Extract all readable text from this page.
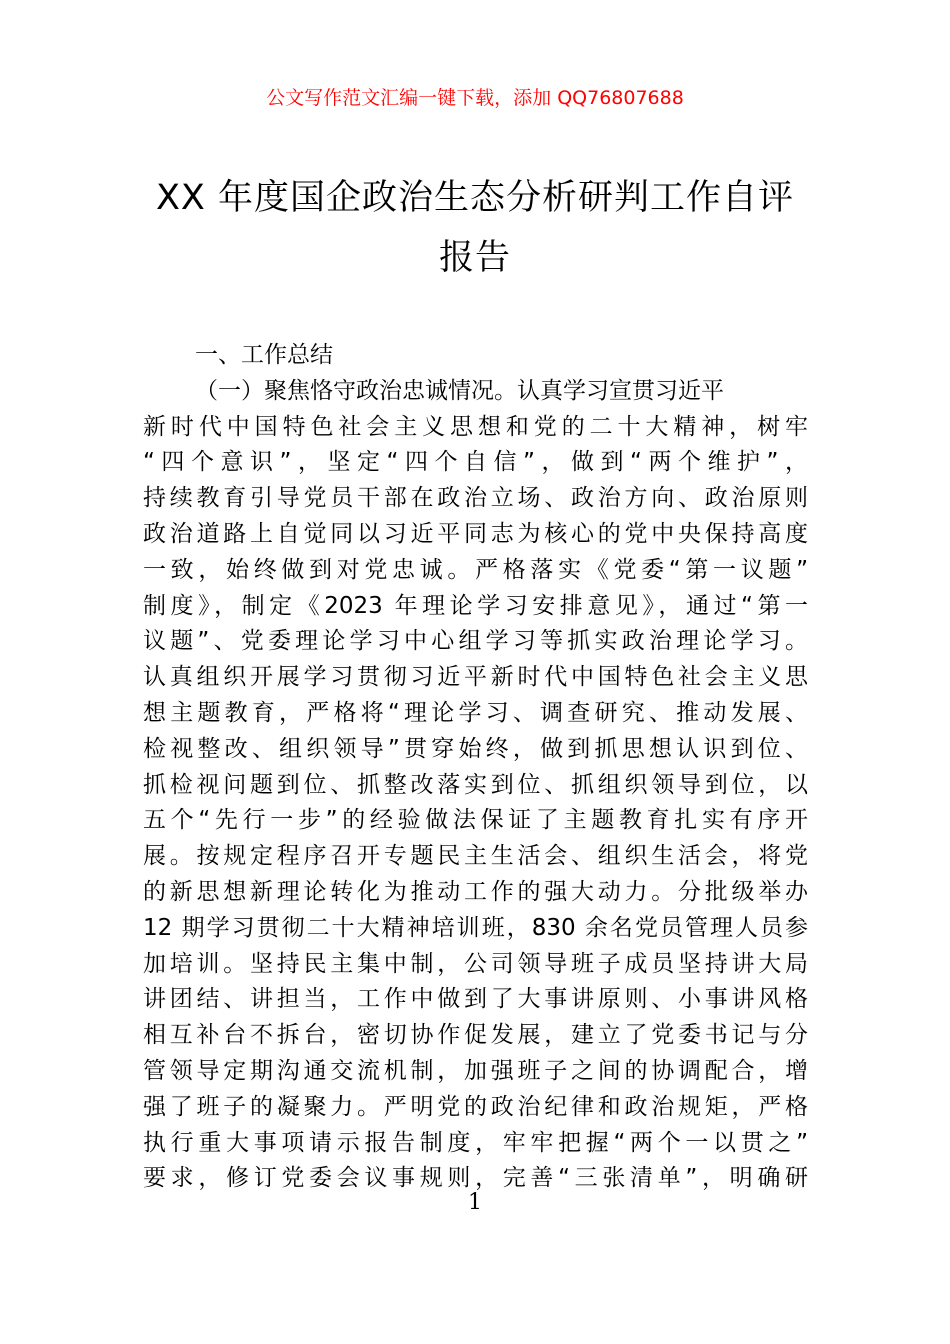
公文写作范文汇编一键下载，添加 QQ76807688
XX 年度国企政治生态分析研判工作自评报告
一、工作总结
（一）聚焦恪守政治忠诚情况。认真学习宣贯习近平
新时代中国特色社会主义思想和党的二十大精神，树牢
“四个意识”，坚定“四个自信”，做到“两个维护”，
持续教育引导党员干部在政治立场、政治方向、政治原则
政治道路上自觉同以习近平同志为核心的党中央保持高度
一致，始终做到对党忠诚。严格落实《党委“第一议题”
制度》，制定《2023 年理论学习安排意见》，通过“第一
议题”、党委理论学习中心组学习等抓实政治理论学习。
认真组织开展学习贯彻习近平新时代中国特色社会主义思
想主题教育，严格将“理论学习、调查研究、推动发展、
检视整改、组织领导”贯穿始终，做到抓思想认识到位、
抓检视问题到位、抓整改落实到位、抓组织领导到位，以
五个“先行一步”的经验做法保证了主题教育扎实有序开
展。按规定程序召开专题民主生活会、组织生活会，将党
的新思想新理论转化为推动工作的强大动力。分批级举办
12 期学习贯彻二十大精神培训班，830 余名党员管理人员参
加培训。坚持民主集中制，公司领导班子成员坚持讲大局
讲团结、讲担当，工作中做到了大事讲原则、小事讲风格
相互补台不拆台，密切协作促发展，建立了党委书记与分
管领导定期沟通交流机制，加强班子之间的协调配合，增
强了班子的凝聚力。严明党的政治纪律和政治规矩，严格
执行重大事项请示报告制度，牢牢把握“两个一以贯之”
要求，修订党委会议事规则，完善“三张清单”，明确研
1
